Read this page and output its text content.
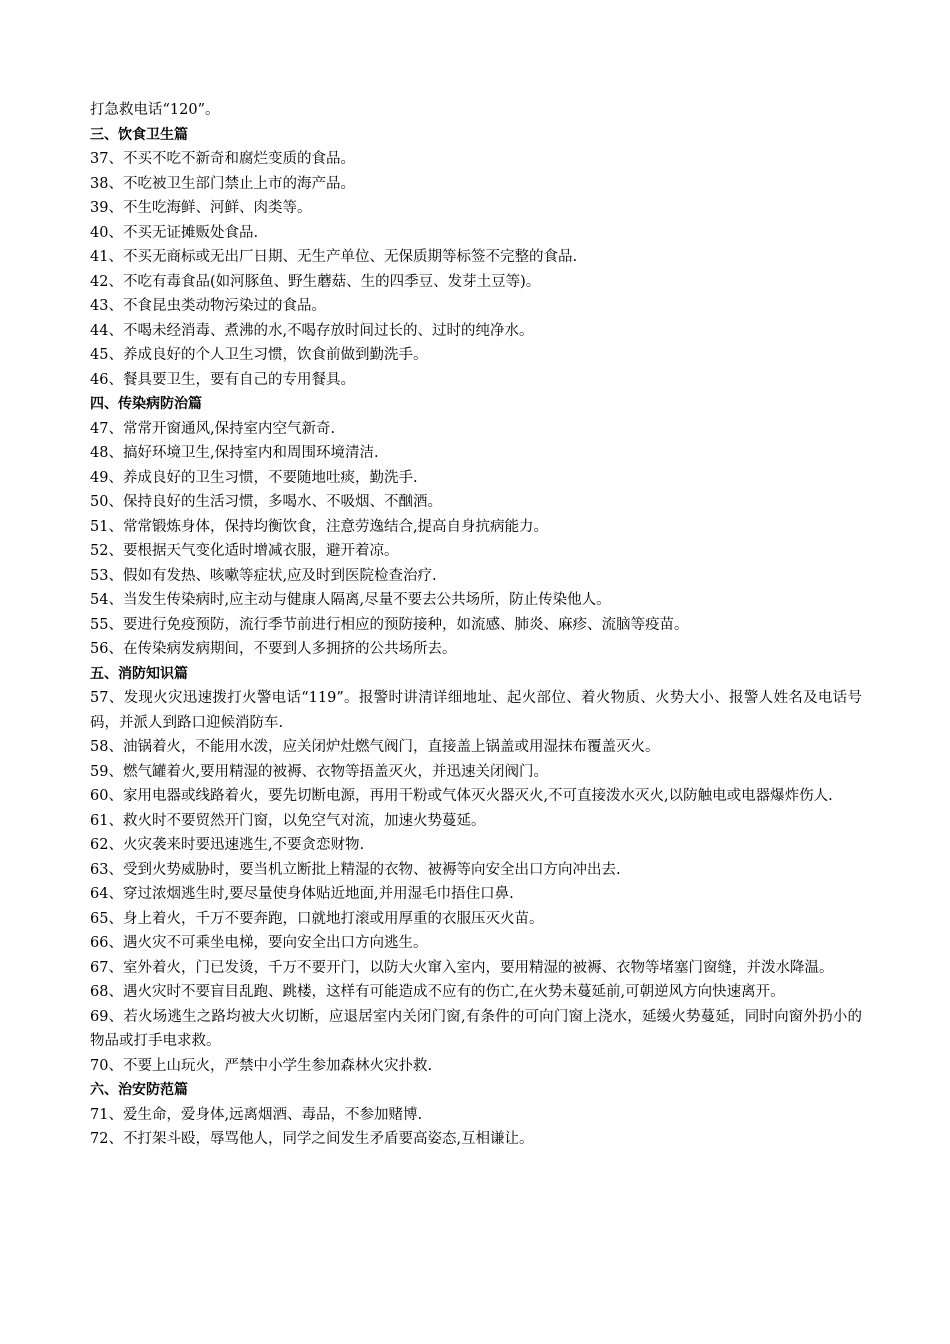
打急救电话“120”。

三、饮食卫生篇

37、不买不吃不新奇和腐烂变质的食品。

38、不吃被卫生部门禁止上市的海产品。

39、不生吃海鲜、河鲜、肉类等。

40、不买无证摊贩处食品.

41、不买无商标或无出厂日期、无生产单位、无保质期等标签不完整的食品.

42、不吃有毒食品(如河豚鱼、野生蘑菇、生的四季豆、发芽土豆等)。

43、不食昆虫类动物污染过的食品。

44、不喝未经消毒、煮沸的水,不喝存放时间过长的、过时的纯净水。

45、养成良好的个人卫生习惯，饮食前做到勤洗手。

46、餐具要卫生，要有自己的专用餐具。

四、传染病防治篇

47、常常开窗通风,保持室内空气新奇.

48、搞好环境卫生,保持室内和周围环境清洁.

49、养成良好的卫生习惯，不要随地吐痰，勤洗手.

50、保持良好的生活习惯，多喝水、不吸烟、不酗酒。

51、常常锻炼身体，保持均衡饮食，注意劳逸结合,提高自身抗病能力。

52、要根据天气变化适时增减衣服，避开着凉。

53、假如有发热、咳嗽等症状,应及时到医院检查治疗.

54、当发生传染病时,应主动与健康人隔离,尽量不要去公共场所，防止传染他人。

55、要进行免疫预防，流行季节前进行相应的预防接种，如流感、肺炎、麻疹、流脑等疫苗。

56、在传染病发病期间，不要到人多拥挤的公共场所去。

五、消防知识篇

57、发现火灾迅速拨打火警电话“119”。报警时讲清详细地址、起火部位、着火物质、火势大小、报警人姓名及电话号码，并派人到路口迎候消防车.

58、油锅着火，不能用水泼，应关闭炉灶燃气阀门，直接盖上锅盖或用湿抹布覆盖灭火。

59、燃气罐着火,要用精湿的被褥、衣物等捂盖灭火，并迅速关闭阀门。

60、家用电器或线路着火，要先切断电源，再用干粉或气体灭火器灭火,不可直接泼水灭火,以防触电或电器爆炸伤人.

61、救火时不要贸然开门窗，以免空气对流，加速火势蔓延。

62、火灾袭来时要迅速逃生,不要贪恋财物.

63、受到火势威胁时，要当机立断批上精湿的衣物、被褥等向安全出口方向冲出去.

64、穿过浓烟逃生时,要尽量使身体贴近地面,并用湿毛巾捂住口鼻.

65、身上着火，千万不要奔跑，口就地打滚或用厚重的衣服压灭火苗。

66、遇火灾不可乘坐电梯，要向安全出口方向逃生。

67、室外着火，门已发烫，千万不要开门，以防大火窜入室内，要用精湿的被褥、衣物等堵塞门窗缝，并泼水降温。

68、遇火灾时不要盲目乱跑、跳楼，这样有可能造成不应有的伤亡,在火势未蔓延前,可朝逆风方向快速离开。

69、若火场逃生之路均被大火切断，应退居室内关闭门窗,有条件的可向门窗上浇水，延缓火势蔓延，同时向窗外扔小的物品或打手电求救。

70、不要上山玩火，严禁中小学生参加森林火灾扑救.

六、治安防范篇

71、爱生命，爱身体,远离烟酒、毒品，不参加赌博.

72、不打架斗殴，辱骂他人，同学之间发生矛盾要高姿态,互相谦让。
